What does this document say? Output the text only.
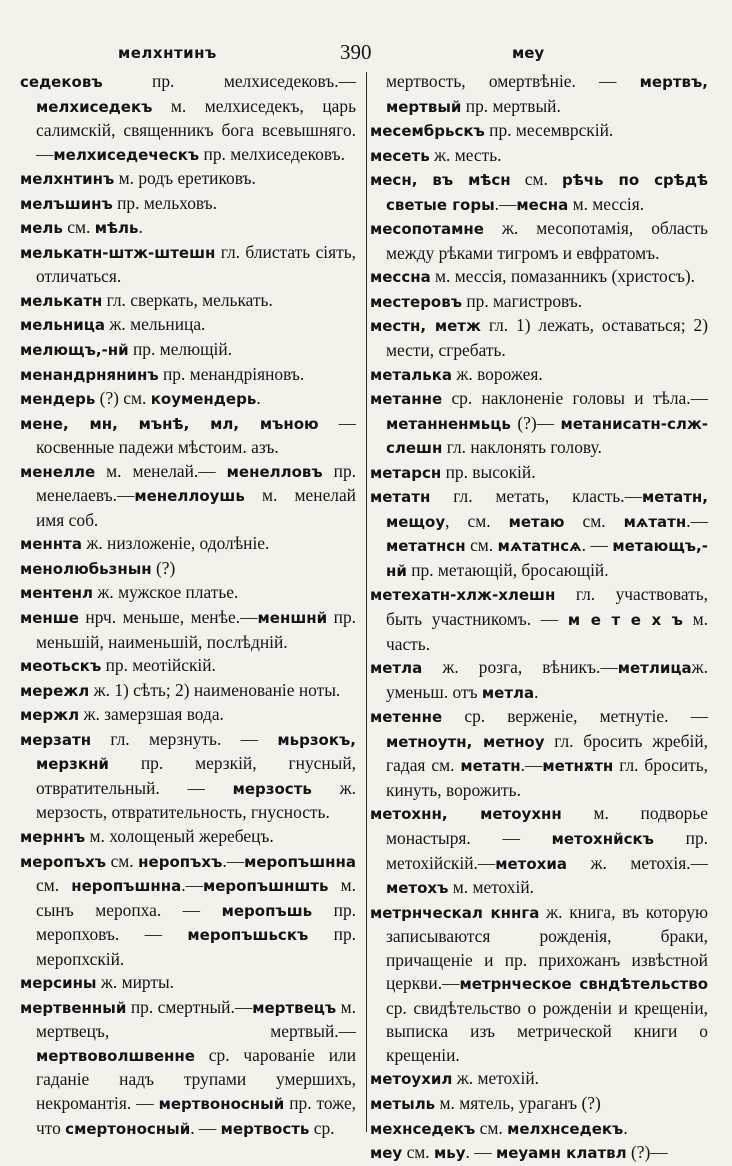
мелхнтинъ	390	меу

седековъ пр. мелхиседековъ.—мелхиседекъ м. мелхиседекъ, царь салимскій, священникъ бога всевышняго. —мелхиседеческъ пр. мелхиседековъ.

мелхнтинъ м. родъ еретиковъ.

мелъшинъ пр. мельховъ.

мель см. мѣль.

мелькатн-штж-штешн гл. блистать сіять, отличаться.

мелькатн гл. сверкать, мелькать.

мельница ж. мельница.

мелющъ,-нй пр. мелющій.

менандрнянинъ пр. менандріяновъ.

мендерь (?) см. коумендерь.

мене, мн, мънѣ, мл, мъною — косвенные падежи мѣстоим. азъ.

менелле м. менелай.— менелловъ пр. менелаевъ.—менеллоушь м. менелай имя соб.

меннта ж. низложеніе, одолѣніе.

менолюбьзнын (?)

ментенл ж. мужское платье.

менше нрч. меньше, менѣе.—меншнй пр. меньшій, наименьшій, послѣдній.

меотьскъ пр. меотійскій.

мережл ж. 1) сѣть; 2) наименованіе ноты.

мержл ж. замерзшая вода.

мерзатн гл. мерзнуть. — мьрзокъ, мерзкнй пр. мерзкій, гнусный, отвратительный. — мерзость ж. мерзость, отвратительность, гнусность.

мерннъ м. холощеный жеребецъ.

меропъхъ см. неропъхъ.—меропъшнна см. неропъшнна.—меропъшншть м. сынъ меропха. — меропъшь пр. меропховъ. — меропъшьскъ пр. меропхскій.

мерсины ж. мирты.

мертвенный пр. смертный.—мертвецъ м. мертвецъ, мертвый.—мертвоволшвенне ср. чарованіе или гаданіе надъ трупами умершихъ, некромантія. — мертвоносный пр. тоже, что смертоносный. — мертвость ср.

мертвость, омертвѣніе. — мертвъ, мертвый пр. мертвый.

месембрьскъ пр. месемврскій.

месеть ж. месть.

месн, въ мѣсн см. рѣчь по срѣдѣ светые горы.—месна м. мессія.

месопотамне ж. месопотамія, область между рѣками тигромъ и евфратомъ.

мессна м. мессія, помазанникъ (христосъ).

местеровъ пр. магистровъ.

местн, метж гл. 1) лежать, оставаться; 2) мести, сгребать.

металька ж. ворожея.

метанне ср. наклоненіе головы и тѣла.— метанненмьць (?)— метанисатн-слж-слешн гл. наклонять голову.

метарсн пр. высокій.

метатн гл. метать, класть.—метатн, мещоу, см. метаю см. мѧтатн.—метатнсн см. мѧтатнсѧ. — метающъ,-нй пр. метающій, бросающій.

метехатн-хлж-хлешн гл. участвовать, быть участникомъ. — м е т е х ъ м. часть.

метла ж. розга, вѣникъ.—метлицаж. уменьш. отъ метла.

метенне ср. верженіе, метнутіе. — метноутн, метноу гл. бросить жребій, гадая см. метатн.—метнѫтн гл. бросить, кинуть, ворожить.

метохнн, метоухнн м. подворье монастыря. — метохнйскъ пр. метохійскій.—метохиа ж. метохія.—метохъ м. метохій.

метрнческал кннга ж. книга, въ которую записываются рожденія, браки, причащеніе и пр. прихожанъ извѣстной церкви.—метрнческое свндѣтельство ср. свидѣтельство о рожденіи и крещеніи, выписка изъ метрической книги о крещеніи.

метоухил ж. метохій.

метыль м. мятель, ураганъ (?)

мехнседекъ см. мелхнседекъ.

меу см. мьу. — меуамн клатвл (?)—
